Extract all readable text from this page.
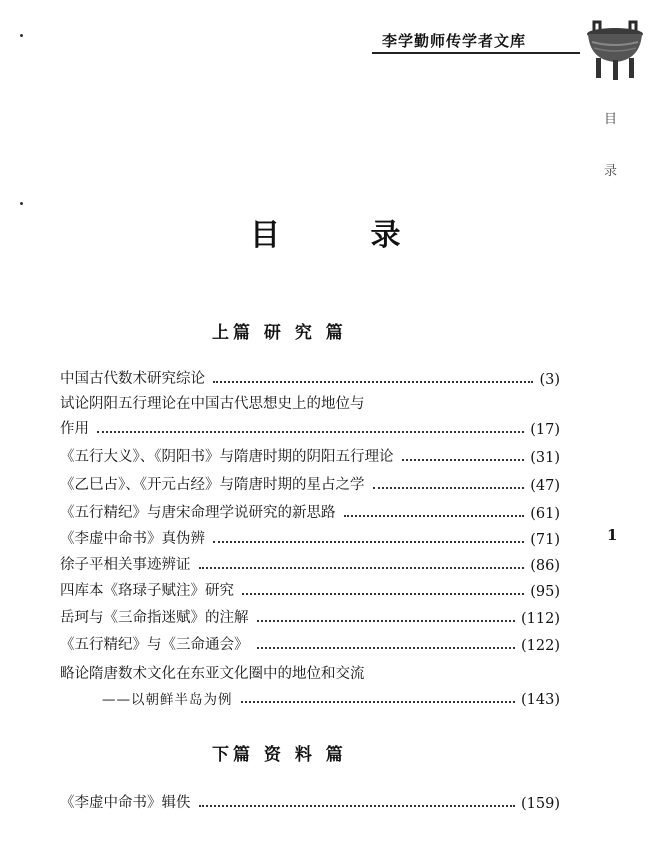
李学勤师传学者文库
目
录
1
目 录
上篇 研 究 篇
中国古代数术研究综论	(3)
试论阴阳五行理论在中国古代思想史上的地位与
作用	(17)
《五行大义》、《阴阳书》与隋唐时期的阴阳五行理论	(31)
《乙巳占》、《开元占经》与隋唐时期的星占之学	(47)
《五行精纪》与唐宋命理学说研究的新思路	(61)
《李虚中命书》真伪辨	(71)
徐子平相关事迹辨证	(86)
四库本《珞琭子赋注》研究	(95)
岳珂与《三命指迷赋》的注解	(112)
《五行精纪》与《三命通会》	(122)
略论隋唐数术文化在东亚文化圈中的地位和交流
——以朝鲜半岛为例	(143)
下篇 资 料 篇
《李虚中命书》辑佚	(159)
